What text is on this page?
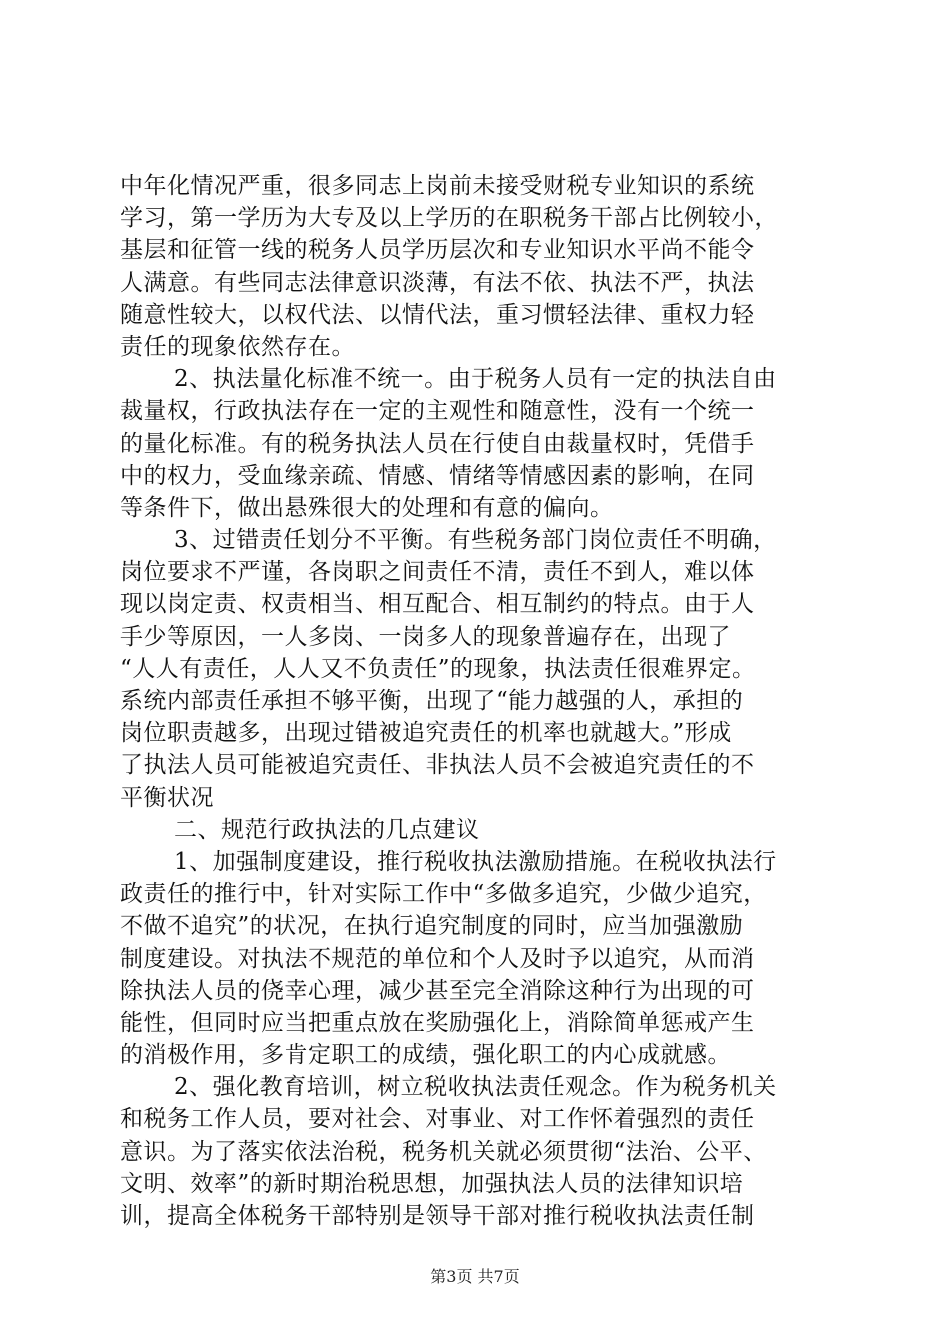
中年化情况严重，很多同志上岗前未接受财税专业知识的系统
学习，第一学历为大专及以上学历的在职税务干部占比例较小，
基层和征管一线的税务人员学历层次和专业知识水平尚不能令
人满意。有些同志法律意识淡薄，有法不依、执法不严，执法
随意性较大，以权代法、以情代法，重习惯轻法律、重权力轻
责任的现象依然存在。
2、执法量化标准不统一。由于税务人员有一定的执法自由
裁量权，行政执法存在一定的主观性和随意性，没有一个统一
的量化标准。有的税务执法人员在行使自由裁量权时，凭借手
中的权力，受血缘亲疏、情感、情绪等情感因素的影响，在同
等条件下，做出悬殊很大的处理和有意的偏向。
3、过错责任划分不平衡。有些税务部门岗位责任不明确，
岗位要求不严谨，各岗职之间责任不清，责任不到人，难以体
现以岗定责、权责相当、相互配合、相互制约的特点。由于人
手少等原因，一人多岗、一岗多人的现象普遍存在，出现了
“人人有责任，人人又不负责任”的现象，执法责任很难界定。
系统内部责任承担不够平衡，出现了“能力越强的人，承担的
岗位职责越多，出现过错被追究责任的机率也就越大。”形成
了执法人员可能被追究责任、非执法人员不会被追究责任的不
平衡状况
二、规范行政执法的几点建议
1、加强制度建设，推行税收执法激励措施。在税收执法行
政责任的推行中，针对实际工作中“多做多追究，少做少追究，
不做不追究”的状况，在执行追究制度的同时，应当加强激励
制度建设。对执法不规范的单位和个人及时予以追究，从而消
除执法人员的侥幸心理，减少甚至完全消除这种行为出现的可
能性，但同时应当把重点放在奖励强化上，消除简单惩戒产生
的消极作用，多肯定职工的成绩，强化职工的内心成就感。
2、强化教育培训，树立税收执法责任观念。作为税务机关
和税务工作人员，要对社会、对事业、对工作怀着强烈的责任
意识。为了落实依法治税，税务机关就必须贯彻“法治、公平、
文明、效率”的新时期治税思想，加强执法人员的法律知识培
训，提高全体税务干部特别是领导干部对推行税收执法责任制
第3页 共7页
